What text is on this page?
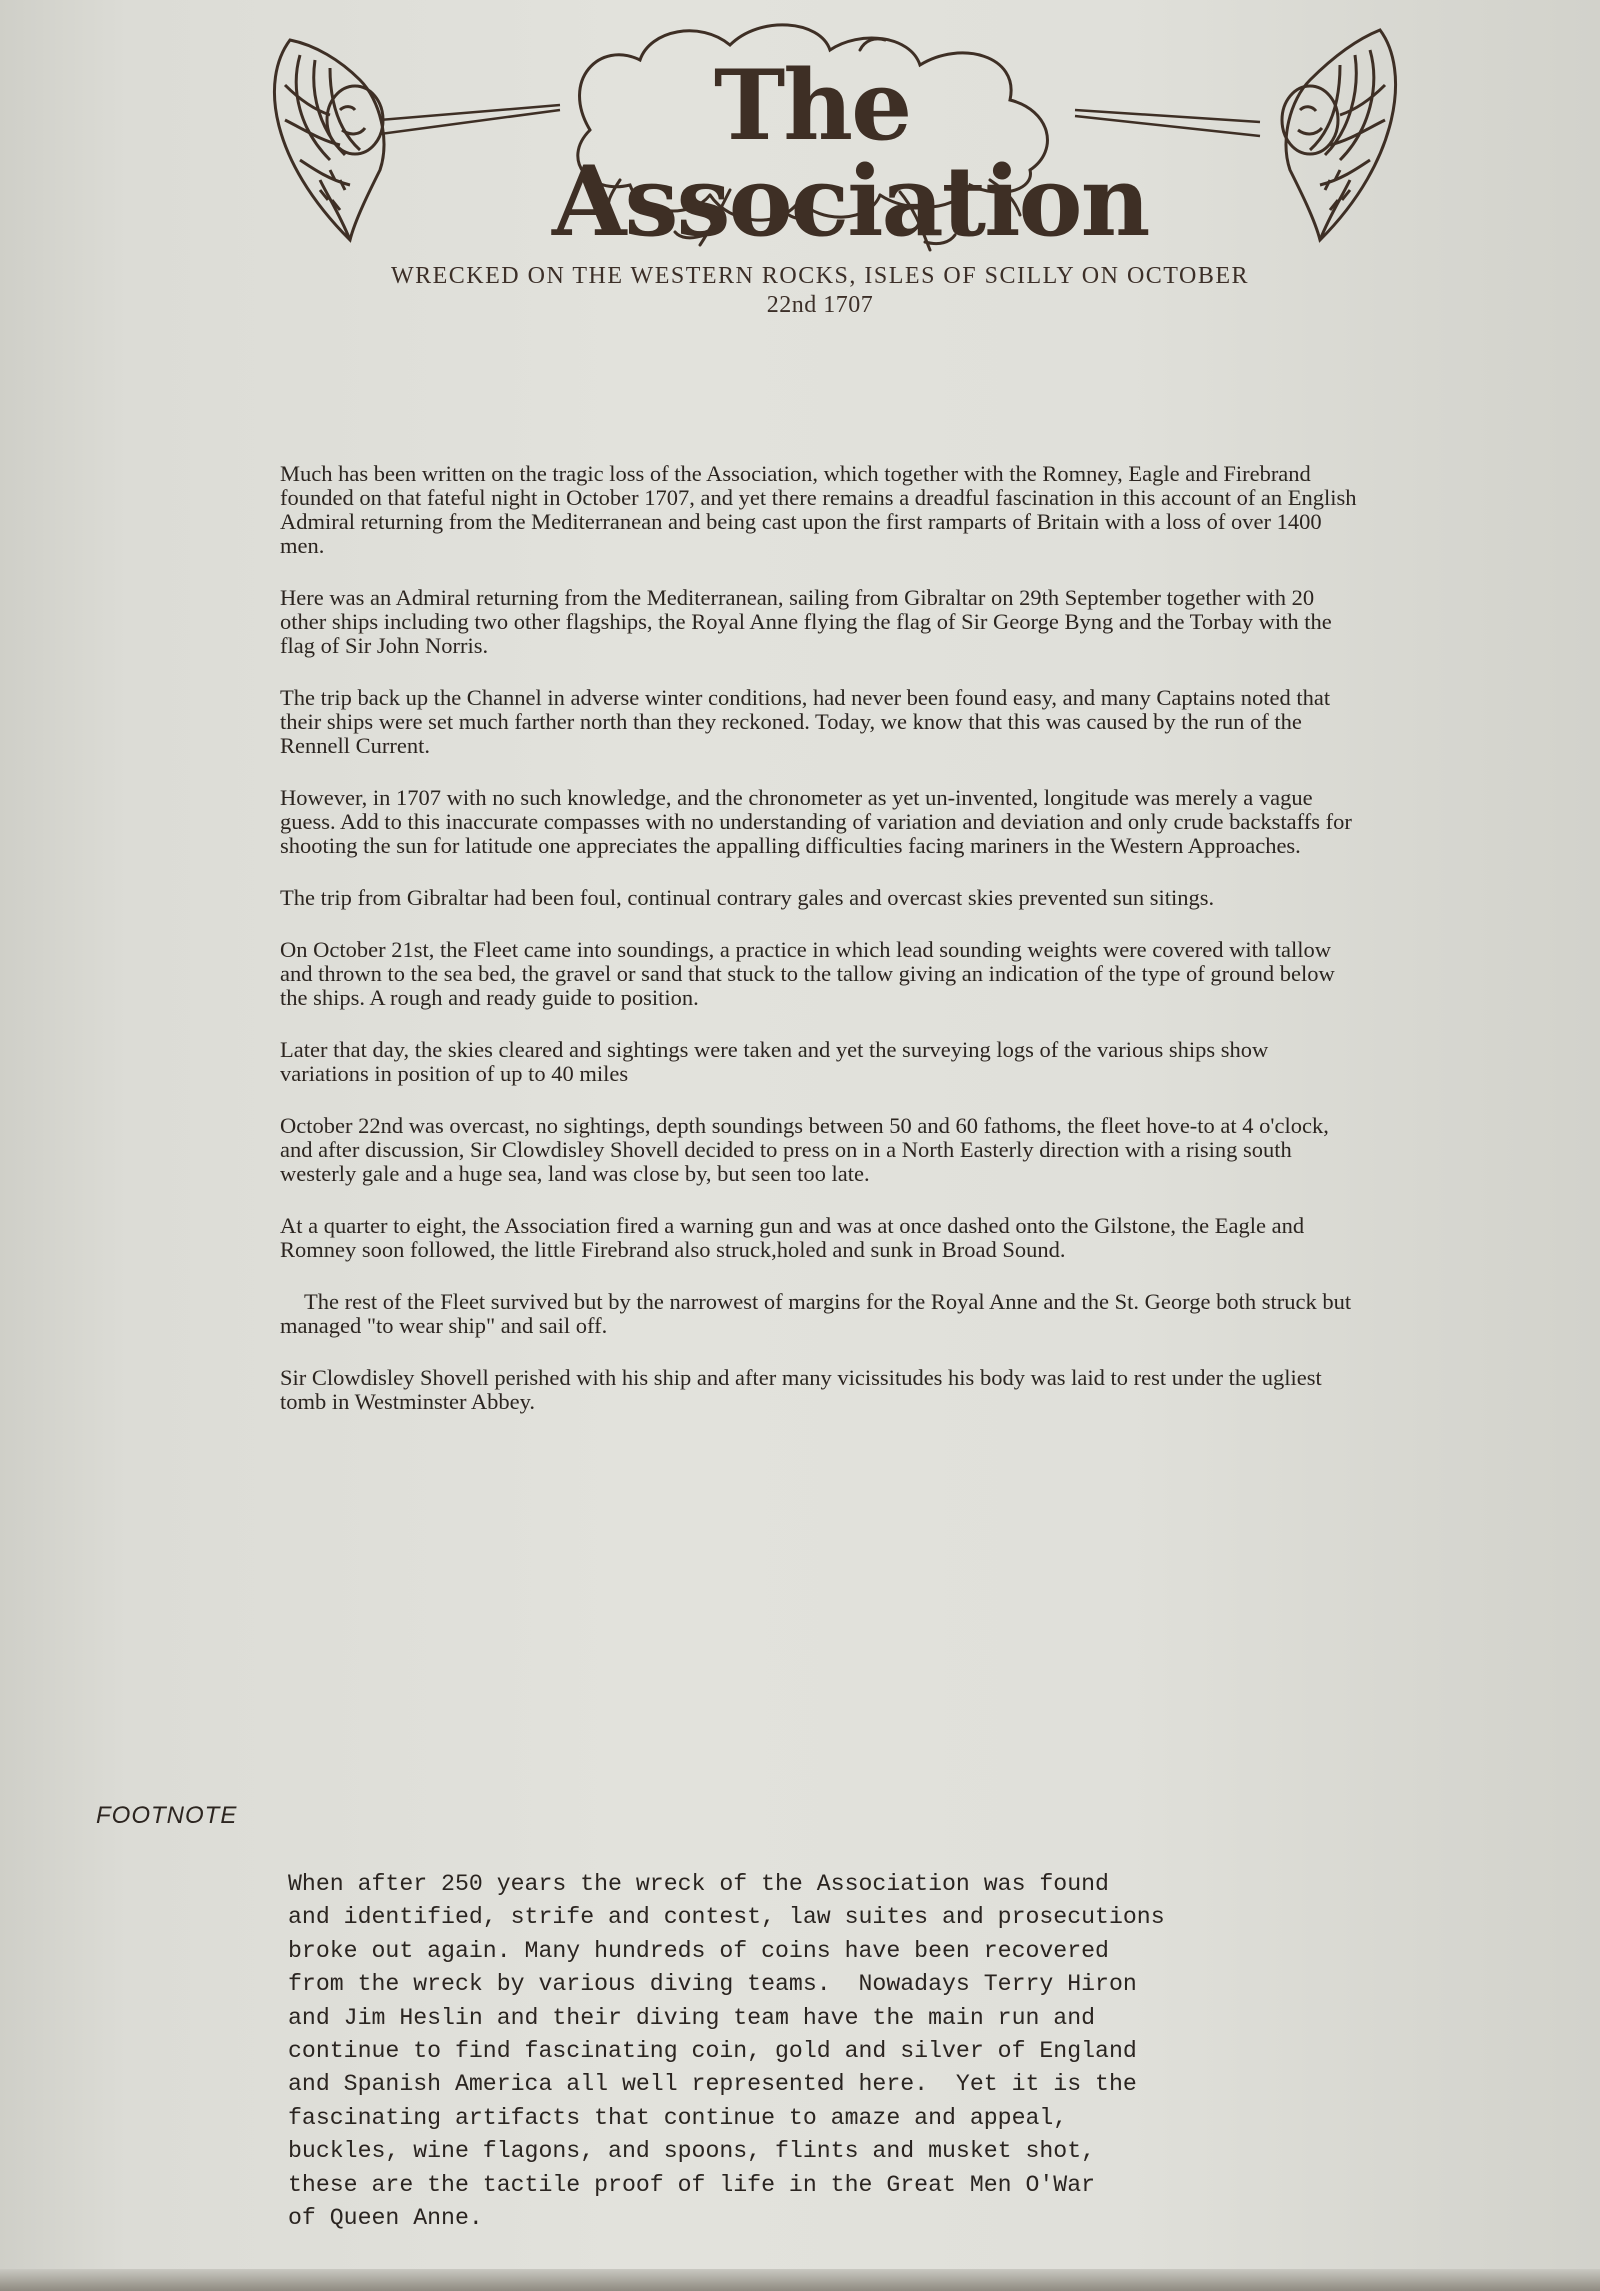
The Association
WRECKED ON THE WESTERN ROCKS, ISLES OF SCILLY ON OCTOBER
22nd 1707

Much has been written on the tragic loss of the Association, which together with the Romney, Eagle and Firebrand founded on that fateful night in October 1707, and yet there remains a dreadful fascination in this account of an English Admiral returning from the Mediterranean and being cast upon the first ramparts of Britain with a loss of over 1400 men.

Here was an Admiral returning from the Mediterranean, sailing from Gibraltar on 29th September together with 20 other ships including two other flagships, the Royal Anne flying the flag of Sir George Byng and the Torbay with the flag of Sir John Norris.

The trip back up the Channel in adverse winter conditions, had never been found easy, and many Captains noted that their ships were set much farther north than they reckoned. Today, we know that this was caused by the run of the Rennell Current.

However, in 1707 with no such knowledge, and the chronometer as yet un-invented, longitude was merely a vague guess. Add to this inaccurate compasses with no understanding of variation and deviation and only crude backstaffs for shooting the sun for latitude one appreciates the appalling difficulties facing mariners in the Western Approaches.

The trip from Gibraltar had been foul, continual contrary gales and overcast skies prevented sun sitings.

On October 21st, the Fleet came into soundings, a practice in which lead sounding weights were covered with tallow and thrown to the sea bed, the gravel or sand that stuck to the tallow giving an indication of the type of ground below the ships. A rough and ready guide to position.

Later that day, the skies cleared and sightings were taken and yet the surveying logs of the various ships show variations in position of up to 40 miles

October 22nd was overcast, no sightings, depth soundings between 50 and 60 fathoms, the fleet hove-to at 4 o'clock, and after discussion, Sir Clowdisley Shovell decided to press on in a North Easterly direction with a rising south westerly gale and a huge sea, land was close by, but seen too late.

At a quarter to eight, the Association fired a warning gun and was at once dashed onto the Gilstone, the Eagle and Romney soon followed, the little Firebrand also struck,holed and sunk in Broad Sound.

The rest of the Fleet survived but by the narrowest of margins for the Royal Anne and the St. George both struck but managed "to wear ship" and sail off.

Sir Clowdisley Shovell perished with his ship and after many vicissitudes his body was laid to rest under the ugliest tomb in Westminster Abbey.

FOOTNOTE
When after 250 years the wreck of the Association was found
and identified, strife and contest, law suites and prosecutions
broke out again. Many hundreds of coins have been recovered
from the wreck by various diving teams.  Nowadays Terry Hiron
and Jim Heslin and their diving team have the main run and
continue to find fascinating coin, gold and silver of England
and Spanish America all well represented here.  Yet it is the
fascinating artifacts that continue to amaze and appeal,
buckles, wine flagons, and spoons, flints and musket shot,
these are the tactile proof of life in the Great Men O'War
of Queen Anne.
